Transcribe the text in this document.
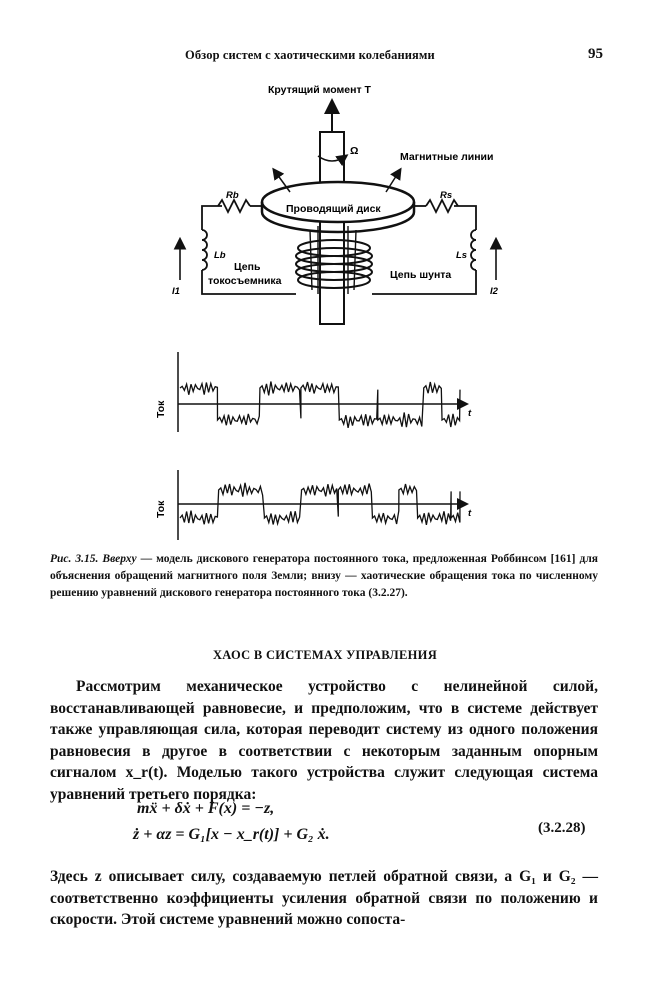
Обзор систем с хаотическими колебаниями	95
Крутящий момент T
Ω
Проводящий диск
Магнитные линии
I1
Rb
Lb
Цепь
токосъемника
I2
Rs
Ls
Цепь шунта
Ток	t
Ток	t
Рис. 3.15. Вверху — модель дискового генератора постоянного тока, предложенная Роббинсом [161] для объяснения обращений магнитного поля Земли; внизу — хаотические обращения тока по численному решению уравнений дискового генератора постоянного тока (3.2.27).
ХАОС В СИСТЕМАХ УПРАВЛЕНИЯ
Рассмотрим механическое устройство с нелинейной силой, восстанавливающей равновесие, и предположим, что в системе действует также управляющая сила, которая переводит систему из одного положения равновесия в другое в соответствии с некоторым заданным опорным сигналом x_r(t). Моделью такого устройства служит следующая система уравнений третьего порядка:
mẍ + δẋ + F(x) = −z,
ż + αz = G₁[x − x_r(t)] + G₂ ẋ.	(3.2.28)
Здесь z описывает силу, создаваемую петлей обратной связи, а G₁ и G₂ — соответственно коэффициенты усиления обратной связи по положению и скорости. Этой системе уравнений можно сопоста-
